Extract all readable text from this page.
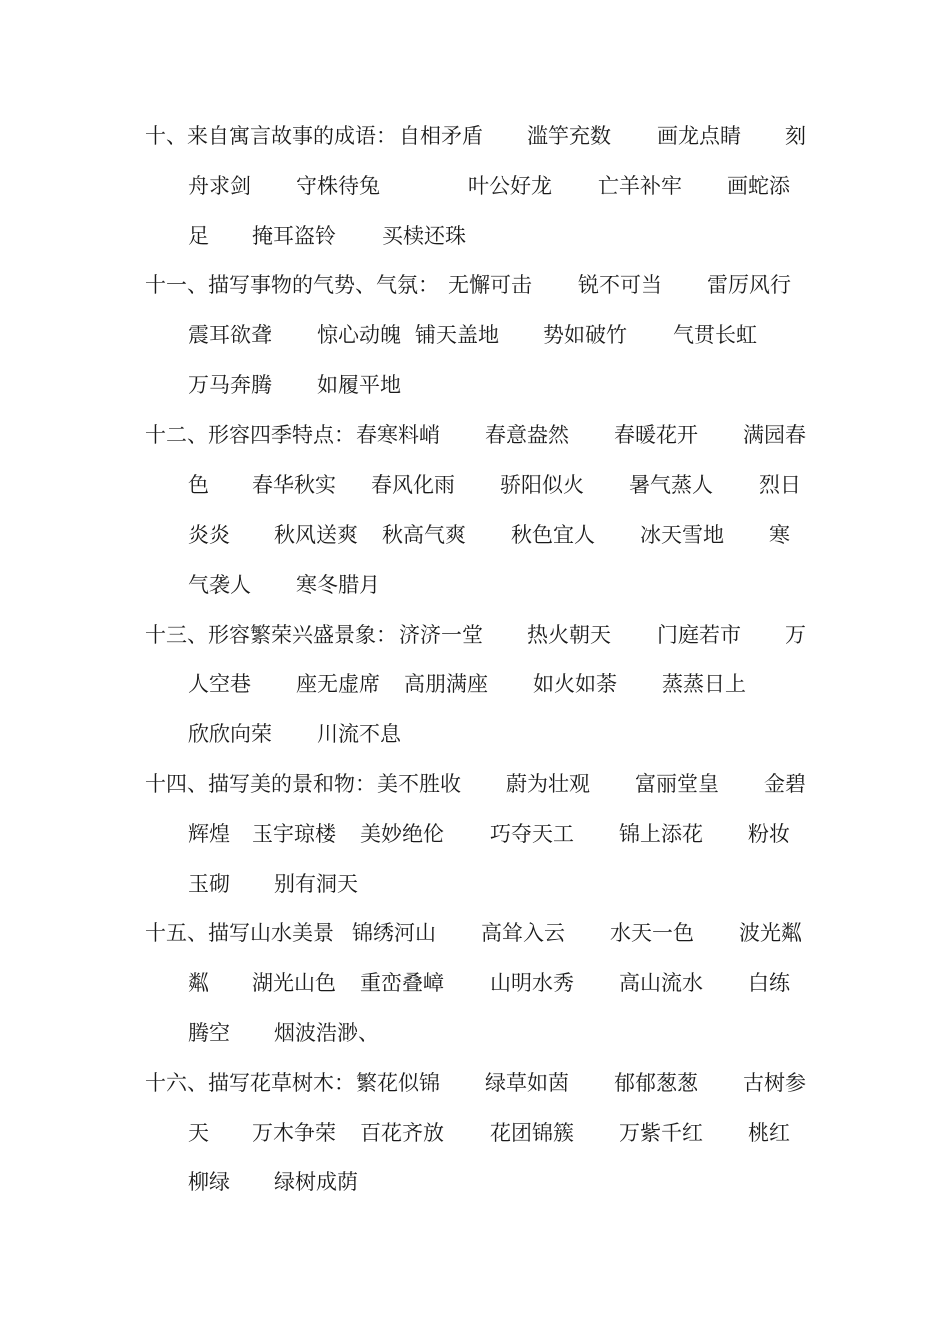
十、来自寓言故事的成语： 自相矛盾 滥竽充数 画龙点睛 刻
舟求剑 守株待兔	叶公好龙 亡羊补牢 画蛇添
足 掩耳盗铃 买椟还珠
十一、描写事物的气势、气氛： 无懈可击 锐不可当 雷厉风行
震耳欲聋 惊心动魄 铺天盖地 势如破竹 气贯长虹
万马奔腾 如履平地
十二、形容四季特点： 春寒料峭 春意盎然 春暖花开 满园春
色 春华秋实 春风化雨 骄阳似火 暑气蒸人 烈日
炎炎 秋风送爽 秋高气爽 秋色宜人 冰天雪地 寒
气袭人 寒冬腊月
十三、形容繁荣兴盛景象： 济济一堂 热火朝天 门庭若市 万
人空巷 座无虚席 高朋满座 如火如荼 蒸蒸日上
欣欣向荣 川流不息
十四、描写美的景和物： 美不胜收 蔚为壮观 富丽堂皇 金碧
辉煌 玉宇琼楼 美妙绝伦 巧夺天工 锦上添花 粉妆
玉砌 别有洞天
十五、描写山水美景 锦绣河山 高耸入云 水天一色 波光粼
粼 湖光山色 重峦叠嶂 山明水秀 高山流水 白练
腾空 烟波浩渺、
十六、描写花草树木： 繁花似锦 绿草如茵 郁郁葱葱 古树参
天 万木争荣 百花齐放 花团锦簇 万紫千红 桃红
柳绿 绿树成荫
